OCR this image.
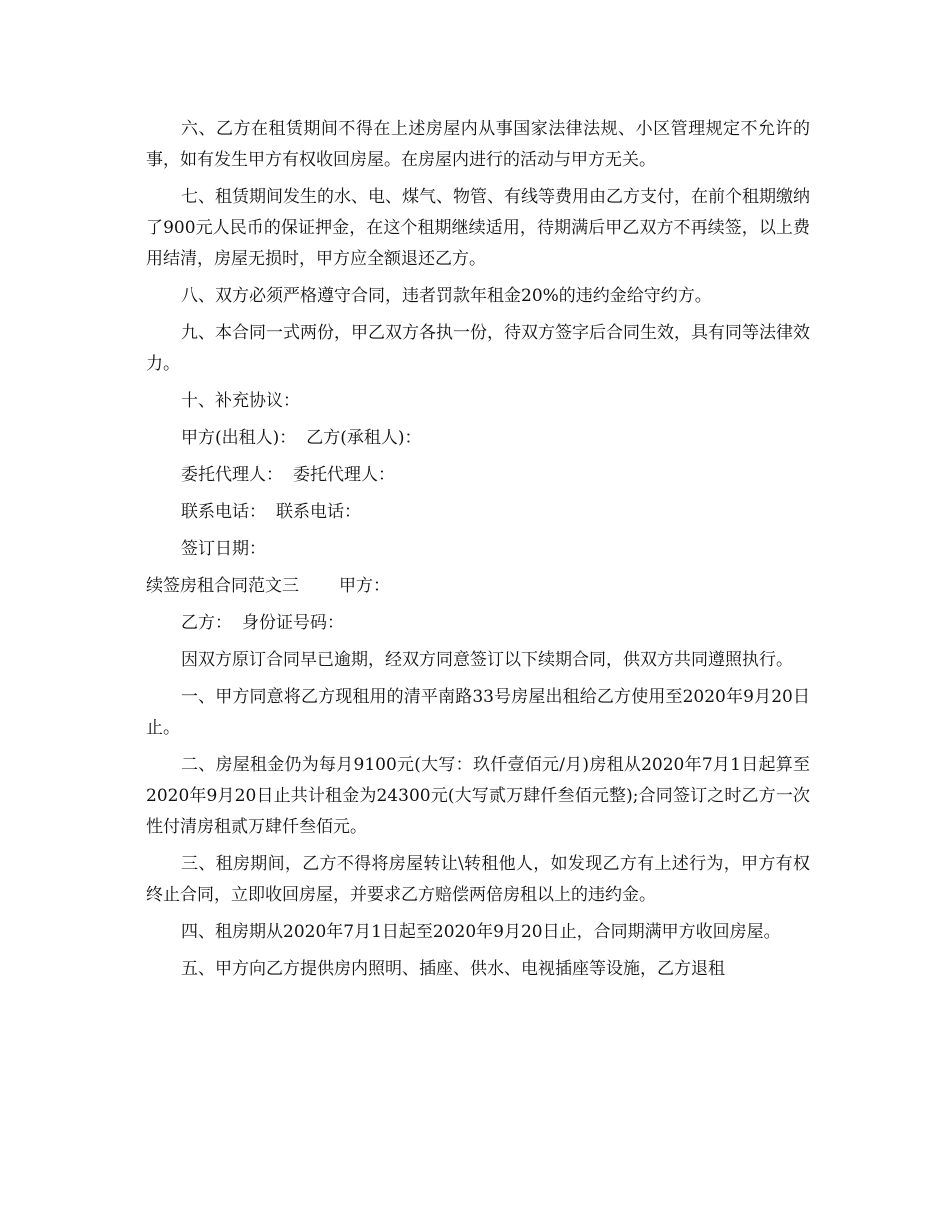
六、乙方在租赁期间不得在上述房屋内从事国家法律法规、小区管理规定不允许的事，如有发生甲方有权收回房屋。在房屋内进行的活动与甲方无关。

七、租赁期间发生的水、电、煤气、物管、有线等费用由乙方支付，在前个租期缴纳了900元人民币的保证押金，在这个租期继续适用，待期满后甲乙双方不再续签，以上费用结清，房屋无损时，甲方应全额退还乙方。

八、双方必须严格遵守合同，违者罚款年租金20%的违约金给守约方。

九、本合同一式两份，甲乙双方各执一份，待双方签字后合同生效，具有同等法律效力。

十、补充协议：

甲方(出租人)： 乙方(承租人)：
委托代理人： 委托代理人：
联系电话： 联系电话：
签订日期：

续签房租合同范文三 甲方：

乙方： 身份证号码：

因双方原订合同早已逾期，经双方同意签订以下续期合同，供双方共同遵照执行。

一、甲方同意将乙方现租用的清平南路33号房屋出租给乙方使用至2020年9月20日止。

二、房屋租金仍为每月9100元(大写：玖仟壹佰元/月)房租从2020年7月1日起算至2020年9月20日止共计租金为24300元(大写贰万肆仟叁佰元整);合同签订之时乙方一次性付清房租贰万肆仟叁佰元。

三、租房期间，乙方不得将房屋转让\转租他人，如发现乙方有上述行为，甲方有权终止合同，立即收回房屋，并要求乙方赔偿两倍房租以上的违约金。

四、租房期从2020年7月1日起至2020年9月20日止，合同期满甲方收回房屋。

五、甲方向乙方提供房内照明、插座、供水、电视插座等设施，乙方退租
